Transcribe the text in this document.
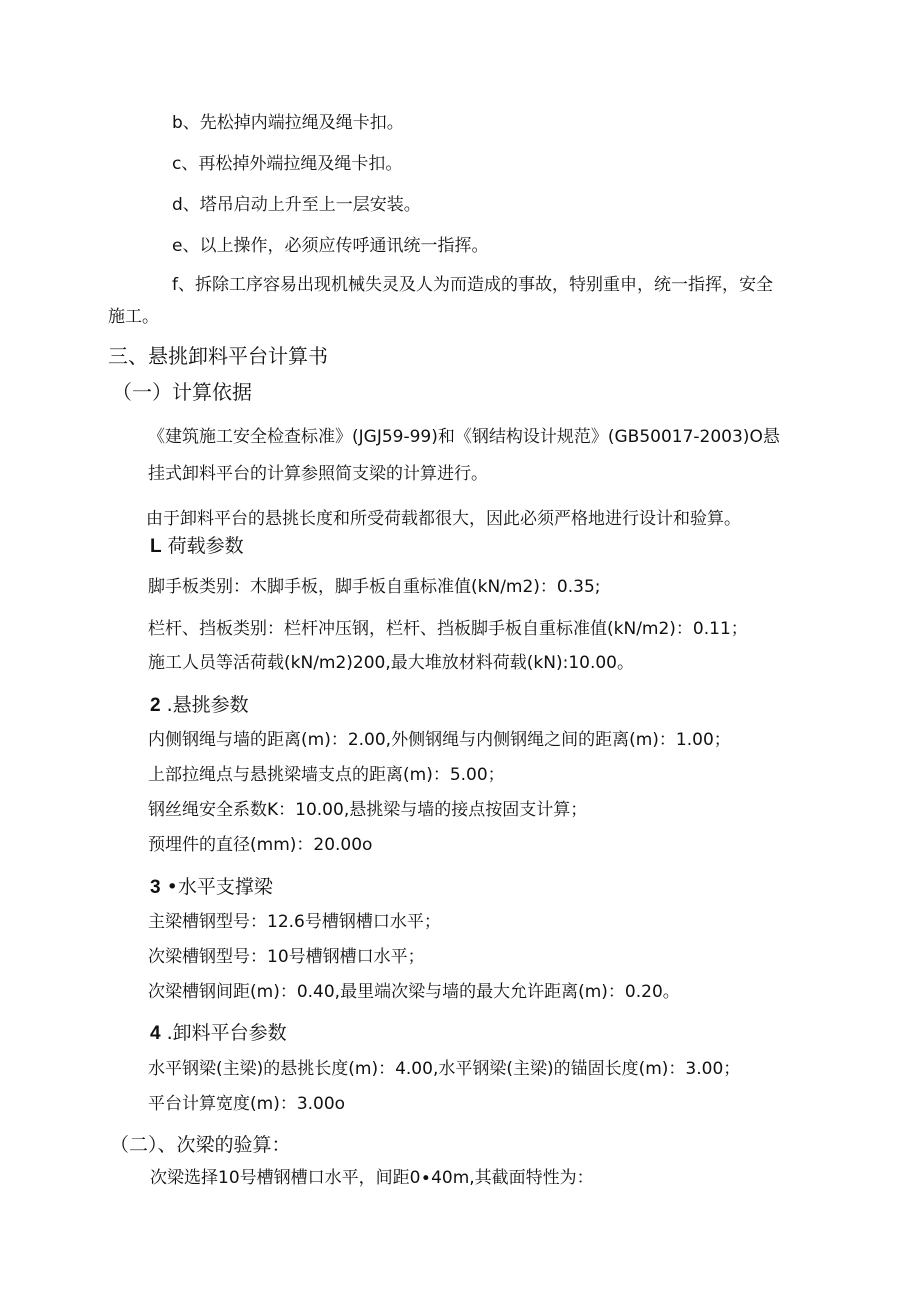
b、先松掉内端拉绳及绳卡扣。
c、再松掉外端拉绳及绳卡扣。
d、塔吊启动上升至上一层安装。
e、以上操作，必须应传呼通讯统一指挥。
f、拆除工序容易出现机械失灵及人为而造成的事故，特别重申，统一指挥，安全
施工。
三、悬挑卸料平台计算书
（一）计算依据
《建筑施工安全检查标准》(JGJ59-99)和《钢结构设计规范》(GB50017-2003)O悬
挂式卸料平台的计算参照简支梁的计算进行。
由于卸料平台的悬挑长度和所受荷载都很大，因此必须严格地进行设计和验算。
L 荷载参数
脚手板类别：木脚手板，脚手板自重标准值(kN∕m2)：0.35;
栏杆、挡板类别：栏杆冲压钢，栏杆、挡板脚手板自重标准值(kN/m2)：0.11；
施工人员等活荷载(kN∕m2)200,最大堆放材料荷载(kN):10.00。
2 .悬挑参数
内侧钢绳与墙的距离(m)：2.00,外侧钢绳与内侧钢绳之间的距离(m)：1.00；
上部拉绳点与悬挑梁墙支点的距离(m)：5.00；
钢丝绳安全系数K：10.00,悬挑梁与墙的接点按固支计算；
预埋件的直径(mm)：20.00o
3 •水平支撑梁
主梁槽钢型号：12.6号槽钢槽口水平；
次梁槽钢型号：10号槽钢槽口水平；
次梁槽钢间距(m)：0.40,最里端次梁与墙的最大允许距离(m)：0.20。
4 .卸料平台参数
水平钢梁(主梁)的悬挑长度(m)：4.00,水平钢梁(主梁)的锚固长度(m)：3.00；
平台计算宽度(m)：3.00o
（二）、次梁的验算：
次梁选择10号槽钢槽口水平，间距0∙40m,其截面特性为：
